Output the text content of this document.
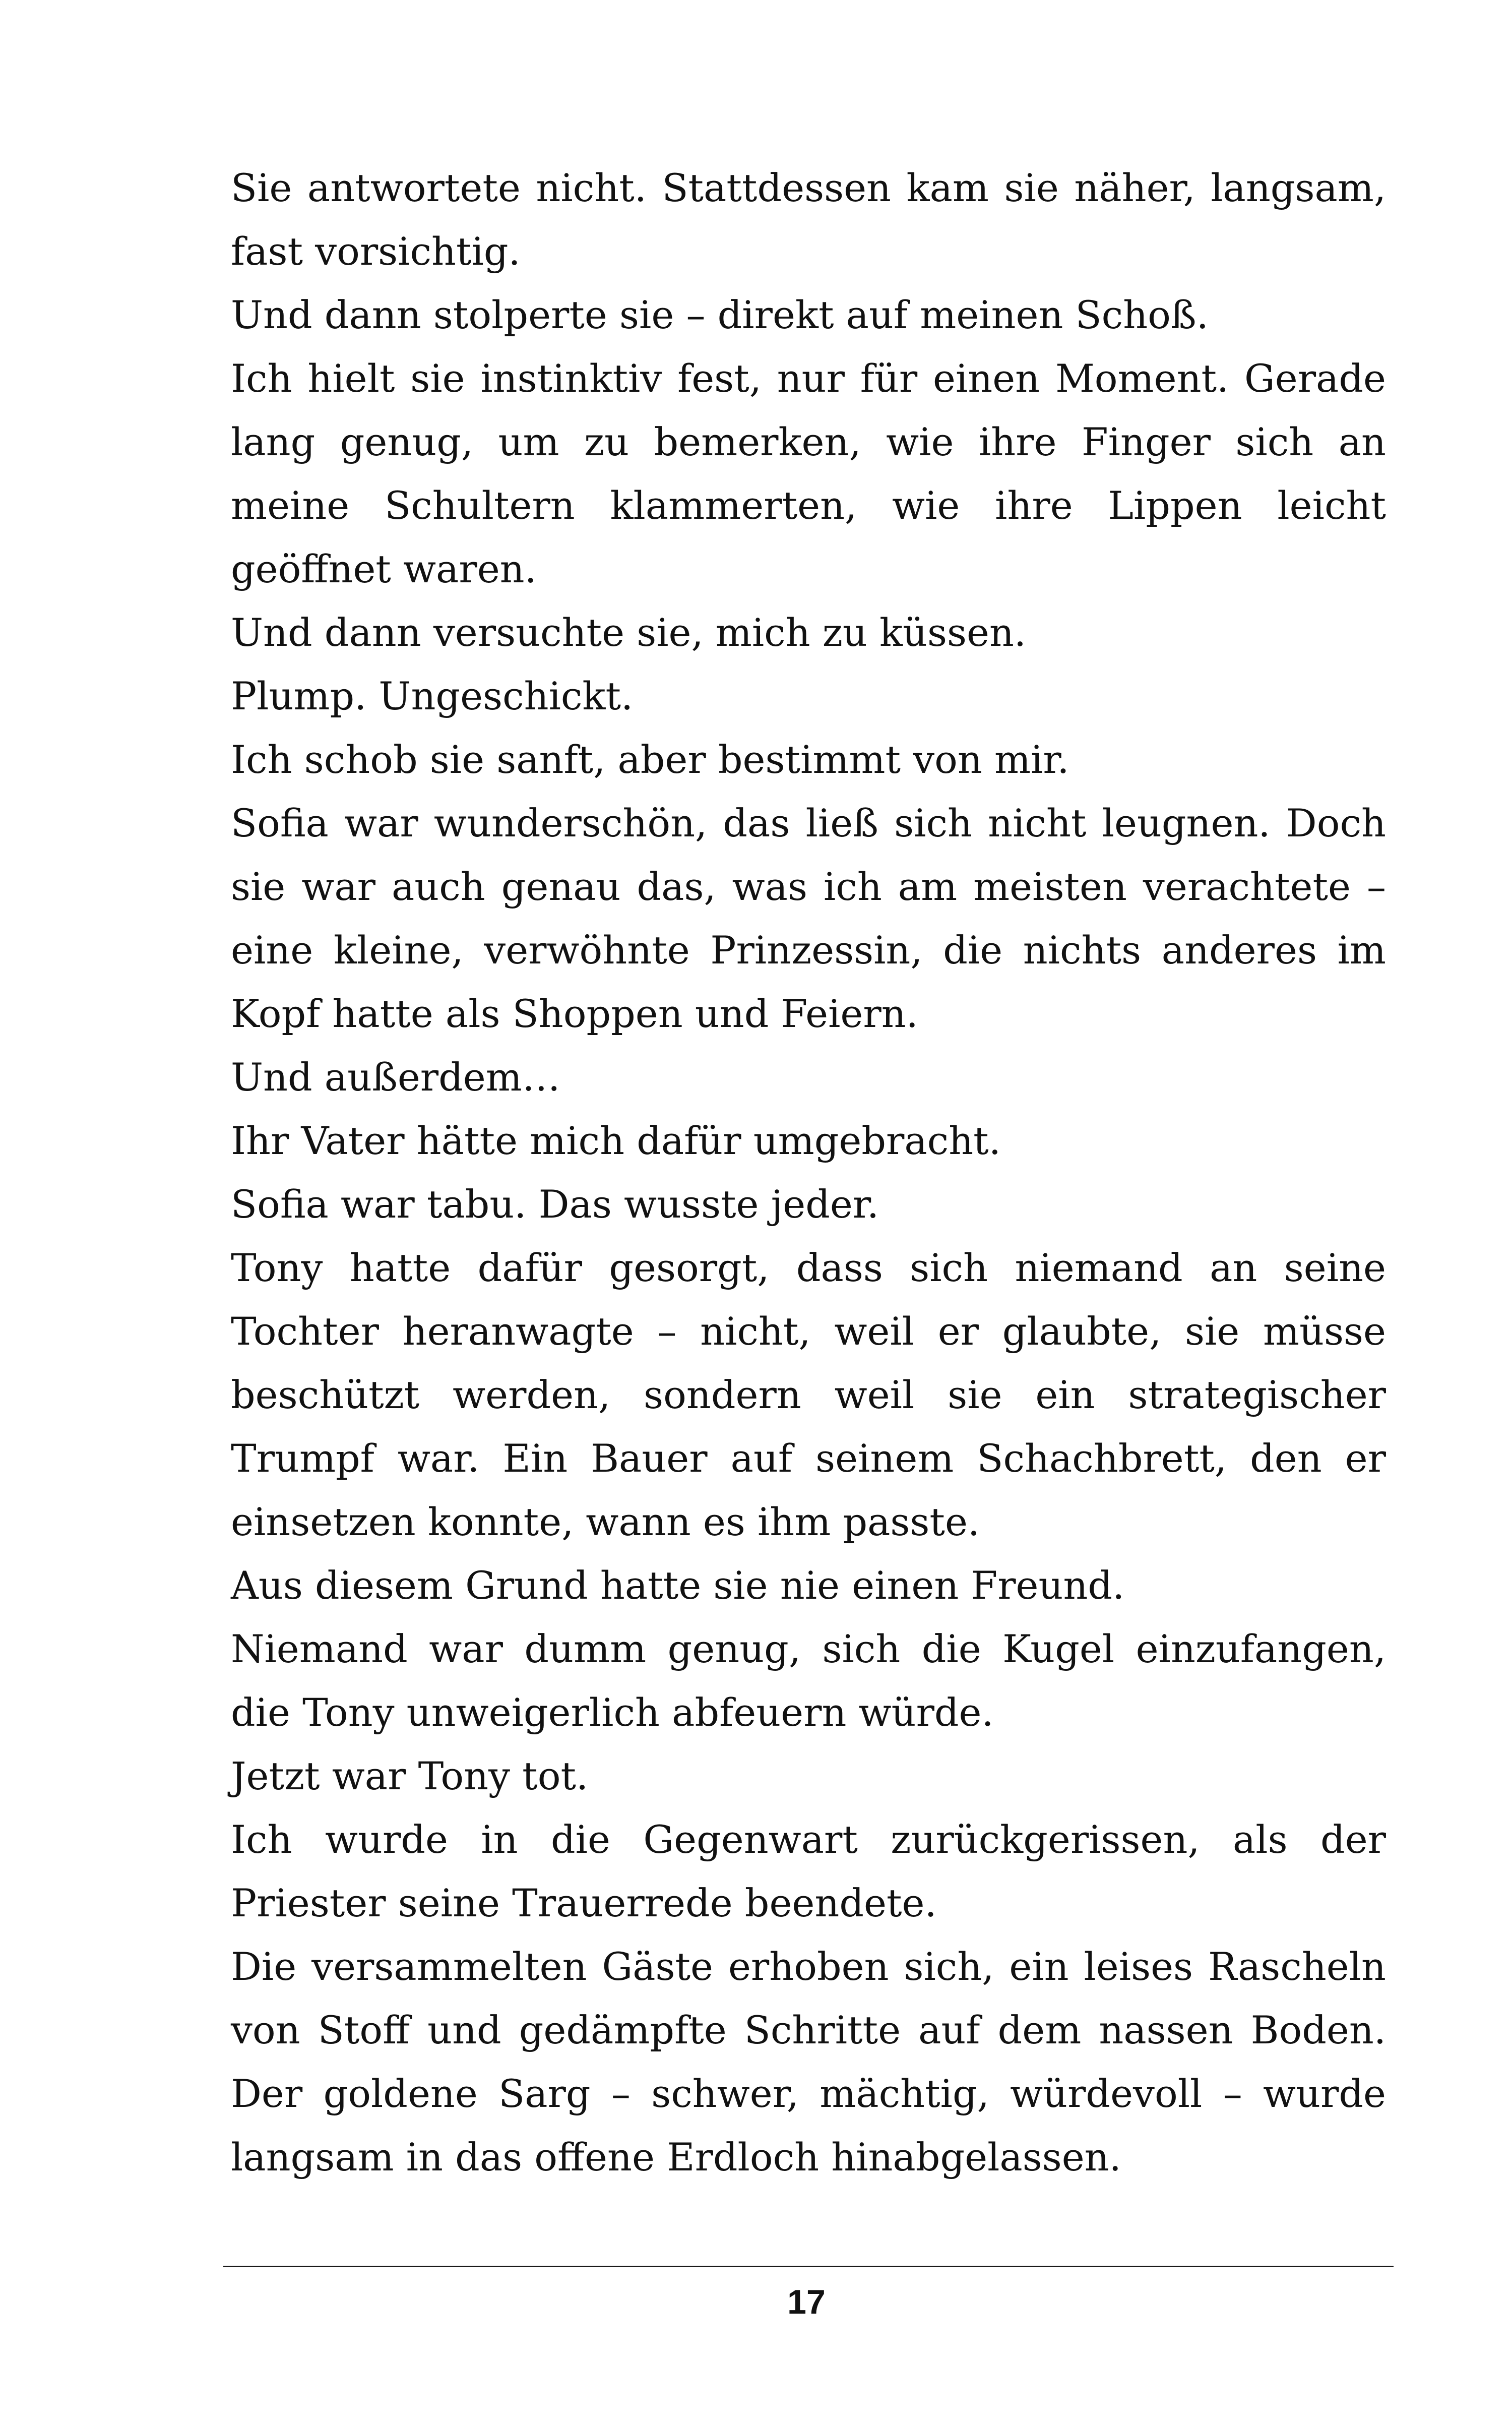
Sie antwortete nicht. Stattdessen kam sie näher, langsam, fast vorsichtig.

Und dann stolperte sie – direkt auf meinen Schoß.

Ich hielt sie instinktiv fest, nur für einen Moment. Gerade lang genug, um zu bemerken, wie ihre Finger sich an meine Schultern klammerten, wie ihre Lippen leicht geöffnet waren.

Und dann versuchte sie, mich zu küssen.

Plump. Ungeschickt.

Ich schob sie sanft, aber bestimmt von mir.

Sofia war wunderschön, das ließ sich nicht leugnen. Doch sie war auch genau das, was ich am meisten verachtete – eine kleine, verwöhnte Prinzessin, die nichts anderes im Kopf hatte als Shoppen und Feiern.

Und außerdem…

Ihr Vater hätte mich dafür umgebracht.

Sofia war tabu. Das wusste jeder.

Tony hatte dafür gesorgt, dass sich niemand an seine Tochter heranwagte – nicht, weil er glaubte, sie müsse beschützt werden, sondern weil sie ein strategischer Trumpf war. Ein Bauer auf seinem Schachbrett, den er einsetzen konnte, wann es ihm passte.

Aus diesem Grund hatte sie nie einen Freund.

Niemand war dumm genug, sich die Kugel einzufangen, die Tony unweigerlich abfeuern würde.

Jetzt war Tony tot.

Ich wurde in die Gegenwart zurückgerissen, als der Priester seine Trauerrede beendete.

Die versammelten Gäste erhoben sich, ein leises Rascheln von Stoff und gedämpfte Schritte auf dem nassen Boden. Der goldene Sarg – schwer, mächtig, würdevoll – wurde langsam in das offene Erdloch hinabgelassen.

17
